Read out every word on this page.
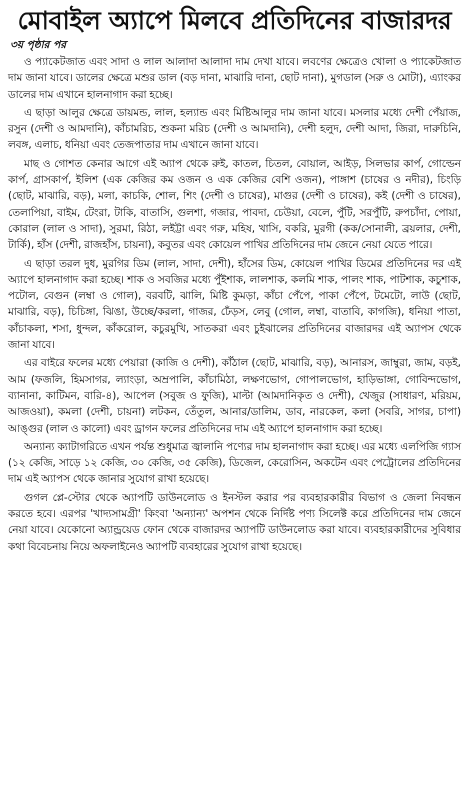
মোবাইল অ্যাপে মিলবে প্রতিদিনের বাজারদর
৩য় পৃষ্ঠার পর

ও প্যাকেটজাত এবং সাদা ও লাল আলাদা আলাদা দাম দেখা যাবে। লবণের ক্ষেত্রেও খোলা ও প্যাকেটজাত দাম জানা যাবে। ডালের ক্ষেত্রে মশুর ডাল (বড় দানা, মাঝারি দানা, ছোট দানা), মুগডাল (সরু ও মোটা), এ্যাংকর ডালের দাম এখানে হালনাগাদ করা হচ্ছে।

এ ছাড়া আলুর ক্ষেত্রে ডায়মন্ড, লাল, হল্যান্ড এবং মিষ্টিআলুর দাম জানা যাবে। মসলার মধ্যে দেশী পেঁয়াজ, রসুন (দেশী ও আমদানি), কাঁচামরিচ, শুকনা মরিচ (দেশী ও আমদানি), দেশী হলুদ, দেশী আদা, জিরা, দারুচিনি, লবঙ্গ, এলাচ, ধনিয়া এবং তেজপাতার দাম এখানে জানা যাবে।

মাছ ও গোশত কেনার আগে এই অ্যাপ থেকে রুই, কাতল, চিতল, বোয়াল, আইড়, সিলভার কার্প, গোল্ডেন কার্প, গ্রাসকার্প, ইলিশ (এক কেজির কম ওজন ও এক কেজির বেশি ওজন), পাঙ্গাশ (চাষের ও নদীর), চিংড়ি (ছোট, মাঝারি, বড়), মলা, কাচকি, শোল, শিং (দেশী ও চাষের), মাগুর (দেশী ও চাষের), কই (দেশী ও চাষের), তেলাপিয়া, বাইম, টেংরা, টাকি, বাতাসি, গুলশা, গজার, পাবদা, চেউয়া, বেলে, পুঁটি, সরপুঁটি, রুপচাঁদা, পোয়া, কোরাল (লাল ও সাদা), সুরমা, রিঠা, লইট্টা এবং গরু, মহিষ, খাসি, বকরি, মুরগী (কক/সোনালী, ব্রয়লার, দেশী, টার্কি), হাঁস (দেশী, রাজহাঁস, চায়না), কবুতর এবং কোয়েল পাখির প্রতিদিনের দাম জেনে নেয়া যেতে পারে।

এ ছাড়া তরল দুধ, মুরগির ডিম (লাল, সাদা, দেশী), হাঁসের ডিম, কোয়েল পাখির ডিমের প্রতিদিনের দর এই অ্যাপে হালনাগাদ করা হচ্ছে। শাক ও সবজির মধ্যে পুঁইশাক, লালশাক, কলমি শাক, পালং শাক, পাটশাক, কচুশাক, পটোল, বেগুন (লম্বা ও গোল), বরবটি, ঝালি, মিষ্টি কুমড়া, কাঁচা পেঁপে, পাকা পেঁপে, টমেটো, লাউ (ছোট, মাঝারি, বড়), চিচিঙ্গা, ঝিঙা, উচ্ছে/করলা, গাজর, ঢেঁড়স, লেবু (গোল, লম্বা, বাতাবি, কাগজি), ধনিয়া পাতা, কাঁচাকলা, শসা, ধুন্দল, কাঁকরোল, কচুরমুখি, সাতকরা এবং চুইঝালের প্রতিদিনের বাজারদর এই অ্যাপস থেকে জানা যাবে।

এর বাইরে ফলের মধ্যে পেয়ারা (কাজি ও দেশী), কাঁঠাল (ছোট, মাঝারি, বড়), আনারস, জাম্বুরা, জাম, বড়ই, আম (ফজলি, হিমসাগর, ল্যাংড়া, অম্রপালি, কাঁচামিঠা, লক্ষণভোগ, গোপালভোগ, হাড়িভাঙ্গা, গোবিন্দভোগ, ব্যানানা, কাটিমন, বারি-৪), আপেল (সবুজ ও ফুজি), মাল্টা (আমদানিকৃত ও দেশী), খেজুর (সাধারণ, মরিয়ম, আজওয়া), কমলা (দেশী, চায়না) লটকন, তেঁতুল, আনার/ডালিম, ডাব, নারকেল, কলা (সবরি, সাগর, চাপা) আঙ্গুর (লাল ও কালো) এবং ড্রাগন ফলের প্রতিদিনের দাম এই অ্যাপে হালনাগাদ করা হচ্ছে।

অন্যান্য ক্যাটাগরিতে এখন পর্যন্ত শুধুমাত্র জ্বালানি পণ্যের দাম হালনাগাদ করা হচ্ছে। এর মধ্যে এলপিজি গ্যাস (১২ কেজি, সাড়ে ১২ কেজি, ৩০ কেজি, ৩৫ কেজি), ডিজেল, কেরোসিন, অকটেন এবং পেট্রোলের প্রতিদিনের দাম এই অ্যাপস থেকে জানার সুযোগ রাখা হয়েছে।

গুগল প্লে-স্টোর থেকে অ্যাপটি ডাউনলোড ও ইনস্টল করার পর ব্যবহারকারীর বিভাগ ও জেলা নিবন্ধন করতে হবে। এরপর 'খাদ্যসামগ্রী' কিংবা 'অন্যান্য' অপশন থেকে নির্দিষ্ট পণ্য সিলেক্ট করে প্রতিদিনের দাম জেনে নেয়া যাবে। যেকোনো অ্যান্ড্রয়েড ফোন থেকে বাজারদর অ্যাপটি ডাউনলোড করা যাবে। ব্যবহারকারীদের সুবিধার কথা বিবেচনায় নিয়ে অফলাইনেও অ্যাপটি ব্যবহারের সুযোগ রাখা হয়েছে।
